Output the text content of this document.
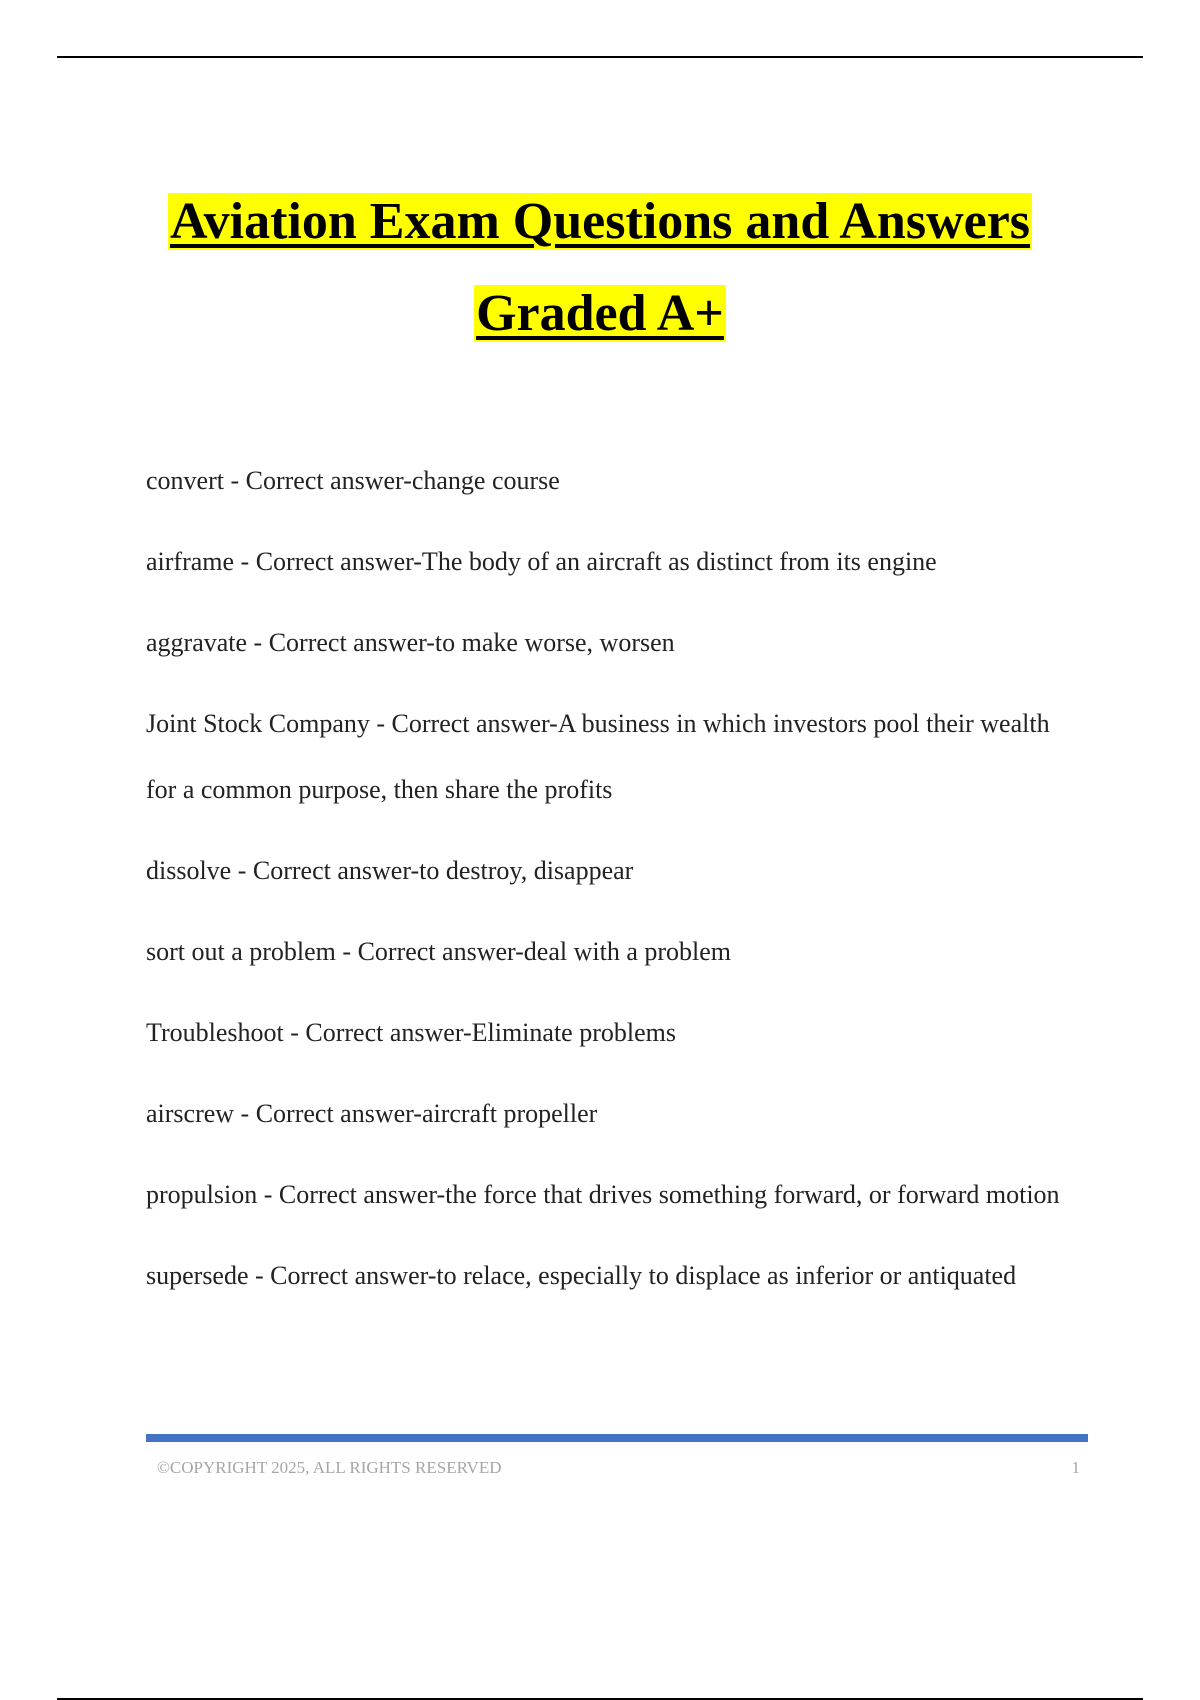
Aviation Exam Questions and Answers
Graded A+
convert - Correct answer-change course
airframe - Correct answer-The body of an aircraft as distinct from its engine
aggravate - Correct answer-to make worse, worsen
Joint Stock Company - Correct answer-A business in which investors pool their wealth for a common purpose, then share the profits
dissolve - Correct answer-to destroy, disappear
sort out a problem - Correct answer-deal with a problem
Troubleshoot - Correct answer-Eliminate problems
airscrew - Correct answer-aircraft propeller
propulsion - Correct answer-the force that drives something forward, or forward motion
supersede - Correct answer-to relace, especially to displace as inferior or antiquated
©COPYRIGHT 2025, ALL RIGHTS RESERVED	1
